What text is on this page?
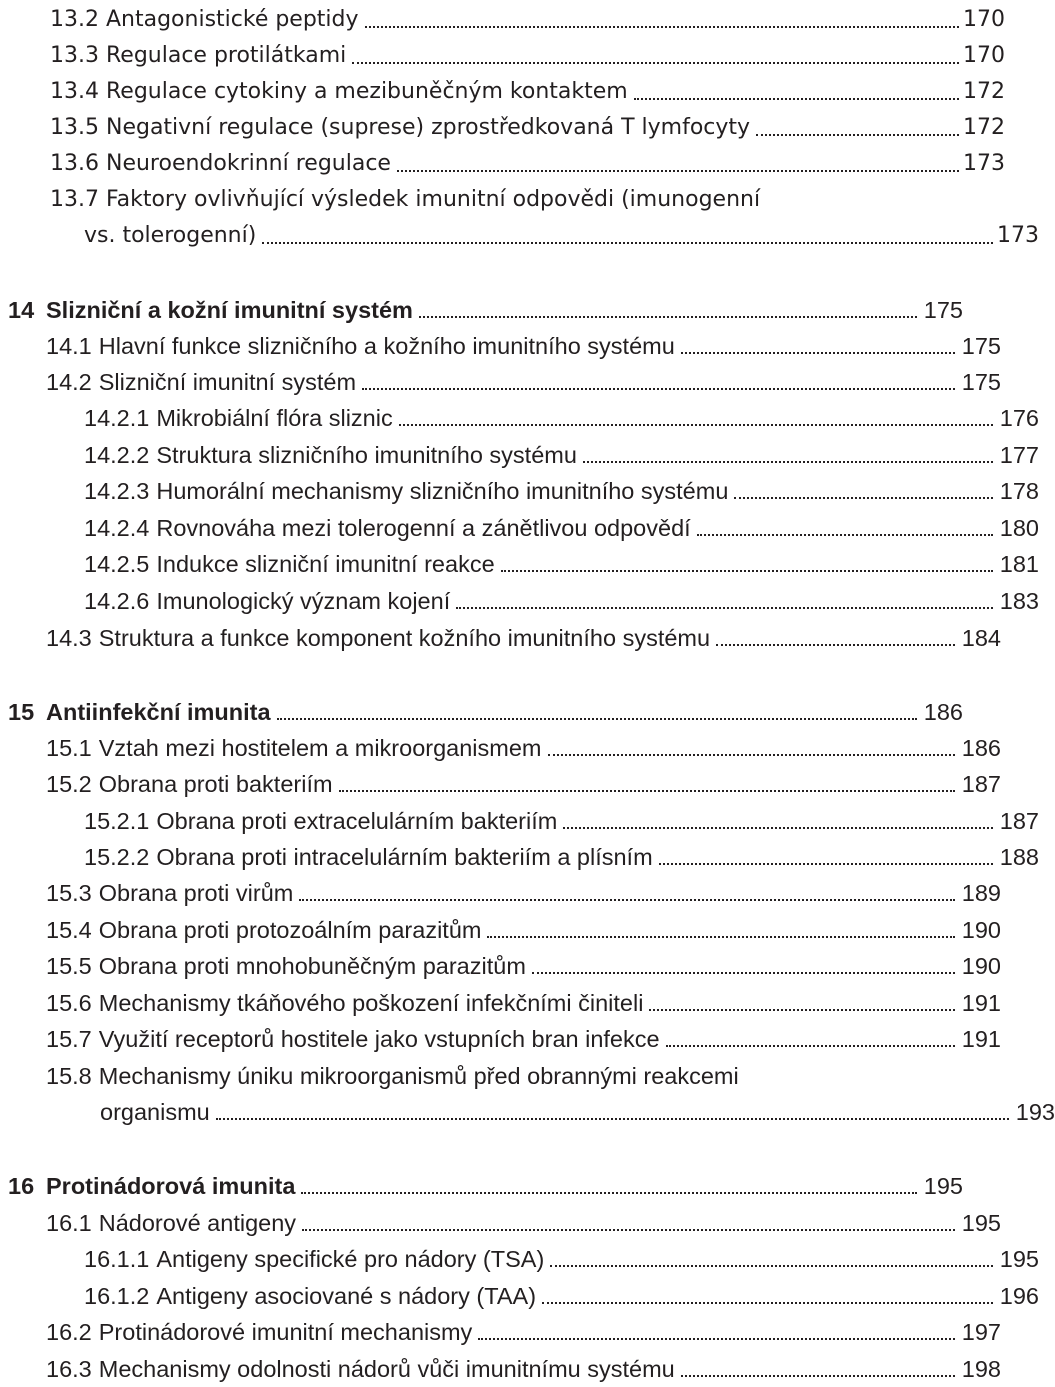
13.2 Antagonistické peptidy	170
13.3 Regulace protilátkami	170
13.4 Regulace cytokiny a mezibuněčným kontaktem	172
13.5 Negativní regulace (suprese) zprostředkovaná T lymfocyty	172
13.6 Neuroendokrinní regulace	173
13.7 Faktory ovlivňující výsledek imunitní odpovědi (imunogenní
vs. tolerogenní)	173
14 Slizniční a kožní imunitní systém	175
14.1 Hlavní funkce slizničního a kožního imunitního systému	175
14.2 Slizniční imunitní systém	175
14.2.1 Mikrobiální flóra sliznic	176
14.2.2 Struktura slizničního imunitního systému	177
14.2.3 Humorální mechanismy slizničního imunitního systému	178
14.2.4 Rovnováha mezi tolerogenní a zánětlivou odpovědí	180
14.2.5 Indukce slizniční imunitní reakce	181
14.2.6 Imunologický význam kojení	183
14.3 Struktura a funkce komponent kožního imunitního systému	184
15 Antiinfekční imunita	186
15.1 Vztah mezi hostitelem a mikroorganismem	186
15.2 Obrana proti bakteriím	187
15.2.1 Obrana proti extracelulárním bakteriím	187
15.2.2 Obrana proti intracelulárním bakteriím a plísním	188
15.3 Obrana proti virům	189
15.4 Obrana proti protozoálním parazitům	190
15.5 Obrana proti mnohobuněčným parazitům	190
15.6 Mechanismy tkáňového poškození infekčními činiteli	191
15.7 Využití receptorů hostitele jako vstupních bran infekce	191
15.8 Mechanismy úniku mikroorganismů před obrannými reakcemi
organismu	193
16 Protinádorová imunita	195
16.1 Nádorové antigeny	195
16.1.1 Antigeny specifické pro nádory (TSA)	195
16.1.2 Antigeny asociované s nádory (TAA)	196
16.2 Protinádorové imunitní mechanismy	197
16.3 Mechanismy odolnosti nádorů vůči imunitnímu systému	198
